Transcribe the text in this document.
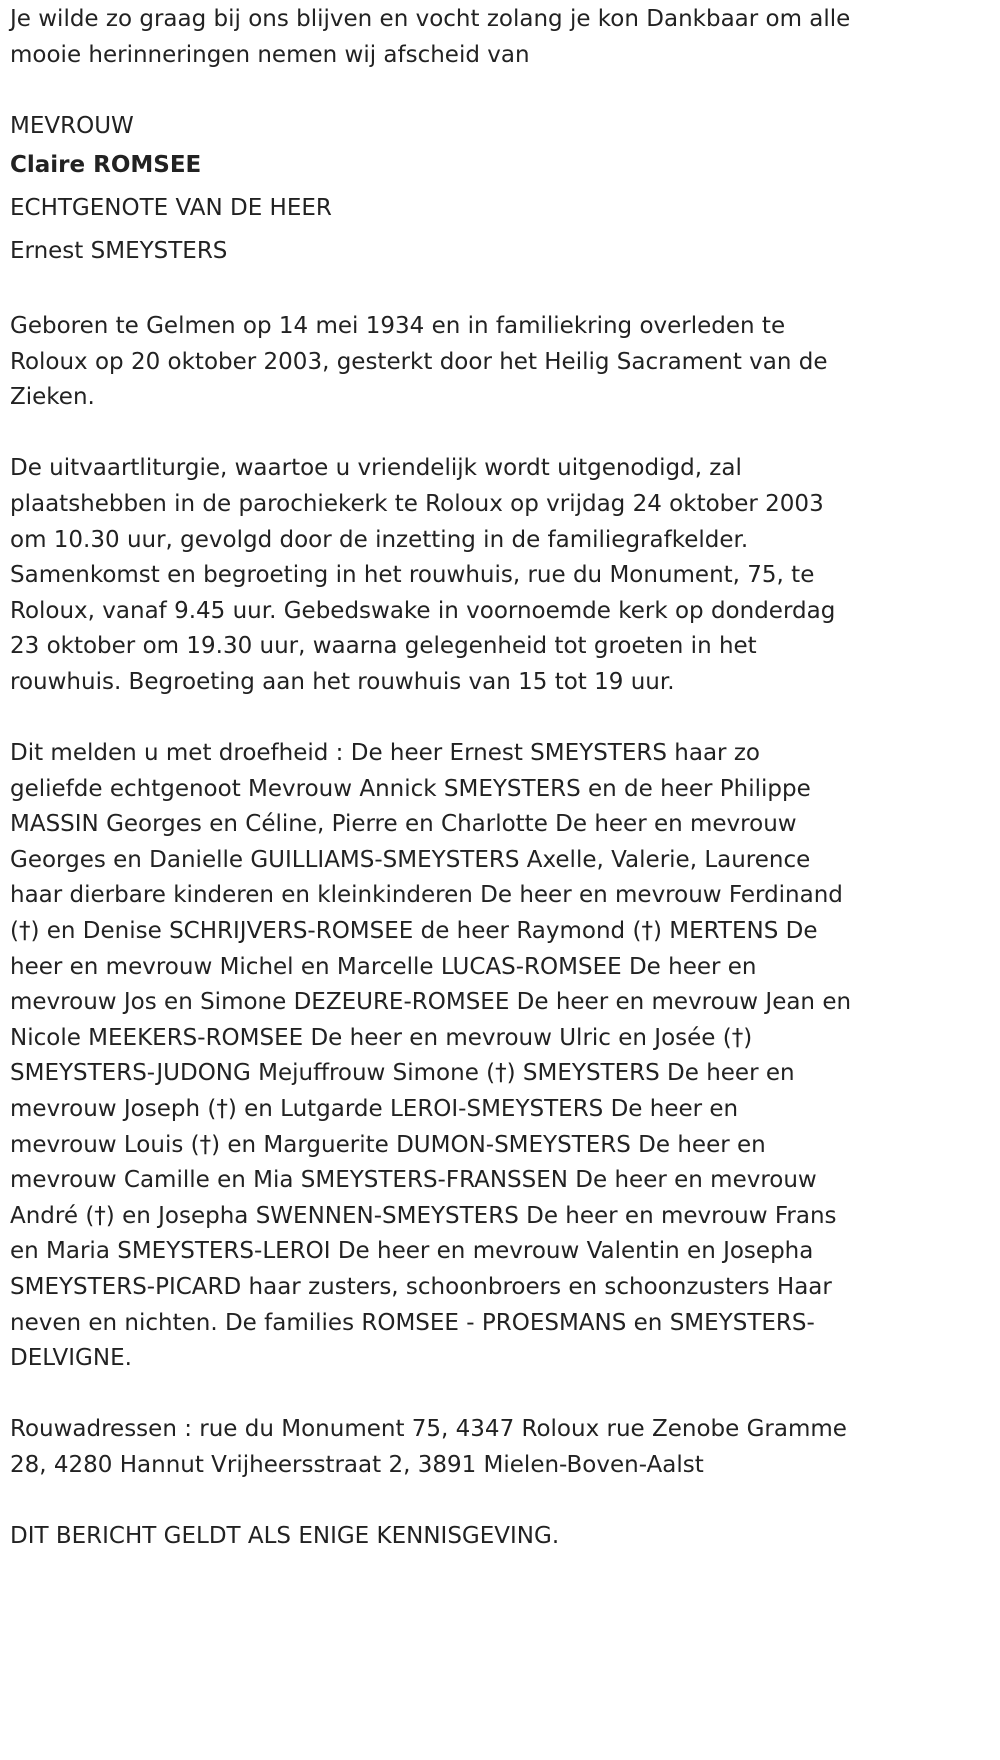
Je wilde zo graag bij ons blijven en vocht zolang je kon Dankbaar om alle
mooie herinneringen nemen wij afscheid van
MEVROUW
Claire ROMSEE
ECHTGENOTE VAN DE HEER
Ernest SMEYSTERS
Geboren te Gelmen op 14 mei 1934 en in familiekring overleden te
Roloux op 20 oktober 2003, gesterkt door het Heilig Sacrament van de
Zieken.
De uitvaartliturgie, waartoe u vriendelijk wordt uitgenodigd, zal
plaatshebben in de parochiekerk te Roloux op vrijdag 24 oktober 2003
om 10.30 uur, gevolgd door de inzetting in de familiegrafkelder.
Samenkomst en begroeting in het rouwhuis, rue du Monument, 75, te
Roloux, vanaf 9.45 uur. Gebedswake in voornoemde kerk op donderdag
23 oktober om 19.30 uur, waarna gelegenheid tot groeten in het
rouwhuis. Begroeting aan het rouwhuis van 15 tot 19 uur.
Dit melden u met droefheid : De heer Ernest SMEYSTERS haar zo
geliefde echtgenoot Mevrouw Annick SMEYSTERS en de heer Philippe
MASSIN Georges en Céline, Pierre en Charlotte De heer en mevrouw
Georges en Danielle GUILLIAMS-SMEYSTERS Axelle, Valerie, Laurence
haar dierbare kinderen en kleinkinderen De heer en mevrouw Ferdinand
(†) en Denise SCHRIJVERS-ROMSEE de heer Raymond (†) MERTENS De
heer en mevrouw Michel en Marcelle LUCAS-ROMSEE De heer en
mevrouw Jos en Simone DEZEURE-ROMSEE De heer en mevrouw Jean en
Nicole MEEKERS-ROMSEE De heer en mevrouw Ulric en Josée (†)
SMEYSTERS-JUDONG Mejuffrouw Simone (†) SMEYSTERS De heer en
mevrouw Joseph (†) en Lutgarde LEROI-SMEYSTERS De heer en
mevrouw Louis (†) en Marguerite DUMON-SMEYSTERS De heer en
mevrouw Camille en Mia SMEYSTERS-FRANSSEN De heer en mevrouw
André (†) en Josepha SWENNEN-SMEYSTERS De heer en mevrouw Frans
en Maria SMEYSTERS-LEROI De heer en mevrouw Valentin en Josepha
SMEYSTERS-PICARD haar zusters, schoonbroers en schoonzusters Haar
neven en nichten. De families ROMSEE - PROESMANS en SMEYSTERS-
DELVIGNE.
Rouwadressen : rue du Monument 75, 4347 Roloux rue Zenobe Gramme
28, 4280 Hannut Vrijheersstraat 2, 3891 Mielen-Boven-Aalst
DIT BERICHT GELDT ALS ENIGE KENNISGEVING.
